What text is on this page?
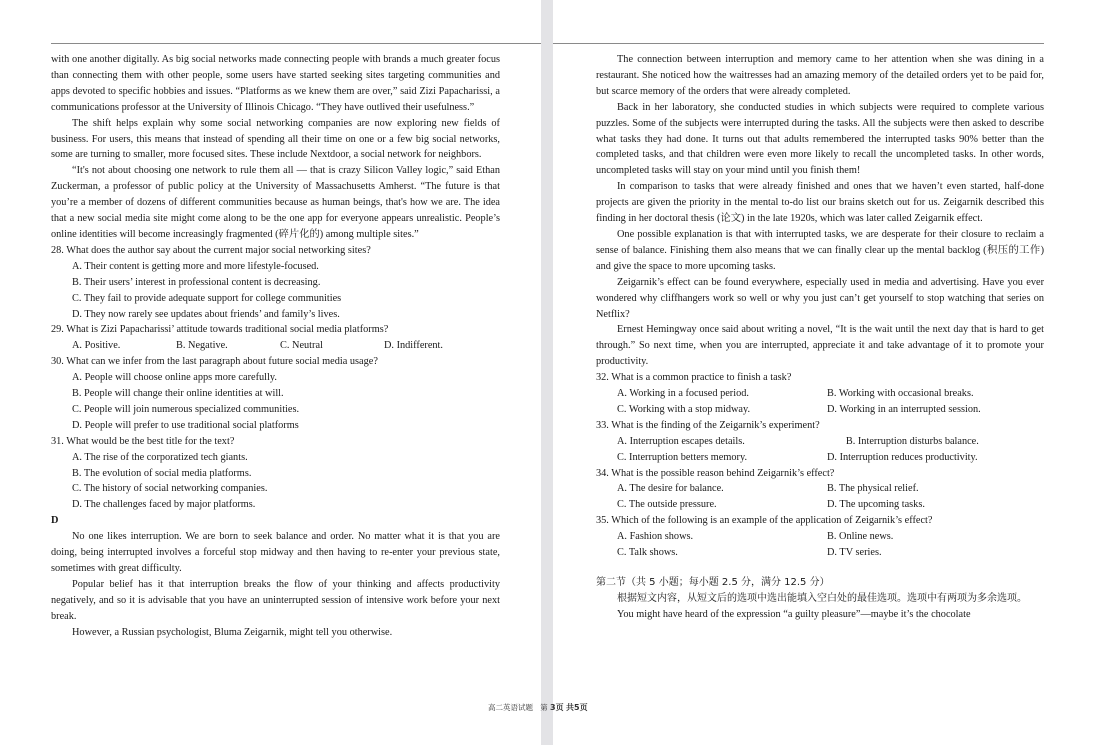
with one another digitally. As big social networks made connecting people with brands a much greater focus than connecting them with other people, some users have started seeking sites targeting communities and apps devoted to specific hobbies and issues. “Platforms as we knew them are over,” said Zizi Papacharissi, a communications professor at the University of Illinois Chicago. “They have outlived their usefulness.”

The shift helps explain why some social networking companies are now exploring new fields of business. For users, this means that instead of spending all their time on one or a few big social networks, some are turning to smaller, more focused sites. These include Nextdoor, a social network for neighbors.

“It's not about choosing one network to rule them all — that is crazy Silicon Valley logic,” said Ethan Zuckerman, a professor of public policy at the University of Massachusetts Amherst. “The future is that you’re a member of dozens of different communities because as human beings, that's how we are. The idea that a new social media site might come along to be the one app for everyone appears unrealistic. People’s online identities will become increasingly fragmented (碎片化的) among multiple sites.”

28. What does the author say about the current major social networking sites?

A. Their content is getting more and more lifestyle-focused.

B. Their users’ interest in professional content is decreasing.

C. They fail to provide adequate support for college communities

D. They now rarely see updates about friends’ and family’s lives.

29. What is Zizi Papacharissi’ attitude towards traditional social media platforms?

A. Positive.	B. Negative.	C. Neutral	D. Indifferent.

30. What can we infer from the last paragraph about future social media usage?

A. People will choose online apps more carefully.

B. People will change their online identities at will.

C. People will join numerous specialized communities.

D. People will prefer to use traditional social platforms

31. What would be the best title for the text?

A. The rise of the corporatized tech giants.

B. The evolution of social media platforms.

C. The history of social networking companies.

D. The challenges faced by major platforms.

D

No one likes interruption. We are born to seek balance and order. No matter what it is that you are doing, being interrupted involves a forceful stop midway and then having to re-enter your previous state, sometimes with great difficulty.

Popular belief has it that interruption breaks the flow of your thinking and affects productivity negatively, and so it is advisable that you have an uninterrupted session of intensive work before your next break.

However, a Russian psychologist, Bluma Zeigarnik, might tell you otherwise.

The connection between interruption and memory came to her attention when she was dining in a restaurant. She noticed how the waitresses had an amazing memory of the detailed orders yet to be paid for, but scarce memory of the orders that were already completed.

Back in her laboratory, she conducted studies in which subjects were required to complete various puzzles. Some of the subjects were interrupted during the tasks. All the subjects were then asked to describe what tasks they had done. It turns out that adults remembered the interrupted tasks 90% better than the completed tasks, and that children were even more likely to recall the uncompleted tasks. In other words, uncompleted tasks will stay on your mind until you finish them!

In comparison to tasks that were already finished and ones that we haven’t even started, half-done projects are given the priority in the mental to-do list our brains sketch out for us. Zeigarnik described this finding in her doctoral thesis (论文) in the late 1920s, which was later called Zeigarnik effect.

One possible explanation is that with interrupted tasks, we are desperate for their closure to reclaim a sense of balance. Finishing them also means that we can finally clear up the mental backlog (积压的工作) and give the space to more upcoming tasks.

Zeigarnik’s effect can be found everywhere, especially used in media and advertising. Have you ever wondered why cliffhangers work so well or why you just can’t get yourself to stop watching that series on Netflix?

Ernest Hemingway once said about writing a novel, “It is the wait until the next day that is hard to get through.” So next time, when you are interrupted, appreciate it and take advantage of it to promote your productivity.

32. What is a common practice to finish a task?

A. Working in a focused period.	B. Working with occasional breaks.
C. Working with a stop midway.	D. Working in an interrupted session.

33. What is the finding of the Zeigarnik’s experiment?

A. Interruption escapes details.	B. Interruption disturbs balance.
C. Interruption betters memory.	D. Interruption reduces productivity.

34. What is the possible reason behind Zeigarnik’s effect?

A. The desire for balance.	B. The physical relief.
C. The outside pressure.	D. The upcoming tasks.

35. Which of the following is an example of the application of Zeigarnik’s effect?

A. Fashion shows.	B. Online news.
C. Talk shows.	D. TV series.

第二节（共 5 小题；每小题 2.5 分，满分 12.5 分）

根据短文内容，从短文后的选项中选出能填入空白处的最佳选项。选项中有两项为多余选项。

You might have heard of the expression “a guilty pleasure”—maybe it’s the chocolate

高二英语试题 第 3页 共5页
